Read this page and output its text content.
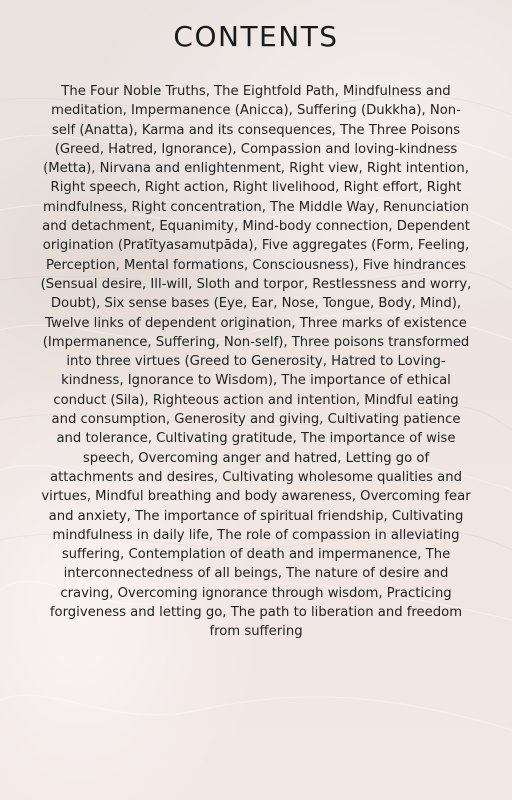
CONTENTS

The Four Noble Truths, The Eightfold Path, Mindfulness and meditation, Impermanence (Anicca), Suffering (Dukkha), Non-self (Anatta), Karma and its consequences, The Three Poisons (Greed, Hatred, Ignorance), Compassion and loving-kindness (Metta), Nirvana and enlightenment, Right view, Right intention, Right speech, Right action, Right livelihood, Right effort, Right mindfulness, Right concentration, The Middle Way, Renunciation and detachment, Equanimity, Mind-body connection, Dependent origination (Pratītyasamutpāda), Five aggregates (Form, Feeling, Perception, Mental formations, Consciousness), Five hindrances (Sensual desire, Ill-will, Sloth and torpor, Restlessness and worry, Doubt), Six sense bases (Eye, Ear, Nose, Tongue, Body, Mind), Twelve links of dependent origination, Three marks of existence (Impermanence, Suffering, Non-self), Three poisons transformed into three virtues (Greed to Generosity, Hatred to Loving-kindness, Ignorance to Wisdom), The importance of ethical conduct (Sila), Righteous action and intention, Mindful eating and consumption, Generosity and giving, Cultivating patience and tolerance, Cultivating gratitude, The importance of wise speech, Overcoming anger and hatred, Letting go of attachments and desires, Cultivating wholesome qualities and virtues, Mindful breathing and body awareness, Overcoming fear and anxiety, The importance of spiritual friendship, Cultivating mindfulness in daily life, The role of compassion in alleviating suffering, Contemplation of death and impermanence, The interconnectedness of all beings, The nature of desire and craving, Overcoming ignorance through wisdom, Practicing forgiveness and letting go, The path to liberation and freedom from suffering
